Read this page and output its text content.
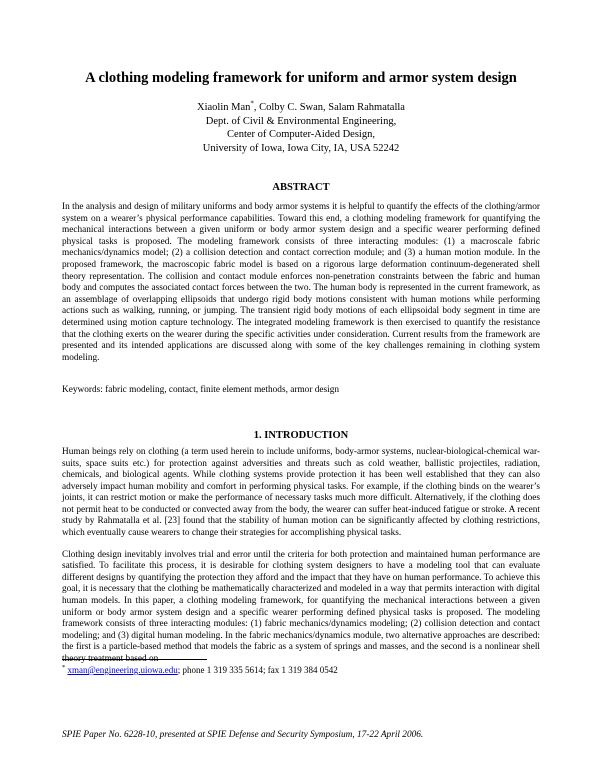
A clothing modeling framework for uniform and armor system design
Xiaolin Man*, Colby C. Swan, Salam Rahmatalla
Dept. of Civil & Environmental Engineering,
Center of Computer-Aided Design,
University of Iowa, Iowa City, IA, USA 52242
ABSTRACT

In the analysis and design of military uniforms and body armor systems it is helpful to quantify the effects of the clothing/armor system on a wearer’s physical performance capabilities. Toward this end, a clothing modeling framework for quantifying the mechanical interactions between a given uniform or body armor system design and a specific wearer performing defined physical tasks is proposed. The modeling framework consists of three interacting modules: (1) a macroscale fabric mechanics/dynamics model; (2) a collision detection and contact correction module; and (3) a human motion module. In the proposed framework, the macroscopic fabric model is based on a rigorous large deformation continuum-degenerated shell theory representation. The collision and contact module enforces non-penetration constraints between the fabric and human body and computes the associated contact forces between the two. The human body is represented in the current framework, as an assemblage of overlapping ellipsoids that undergo rigid body motions consistent with human motions while performing actions such as walking, running, or jumping. The transient rigid body motions of each ellipsoidal body segment in time are determined using motion capture technology. The integrated modeling framework is then exercised to quantify the resistance that the clothing exerts on the wearer during the specific activities under consideration. Current results from the framework are presented and its intended applications are discussed along with some of the key challenges remaining in clothing system modeling.

Keywords: fabric modeling, contact, finite element methods, armor design

1. INTRODUCTION

Human beings rely on clothing (a term used herein to include uniforms, body-armor systems, nuclear-biological-chemical war-suits, space suits etc.) for protection against adversities and threats such as cold weather, ballistic projectiles, radiation, chemicals, and biological agents. While clothing systems provide protection it has been well established that they can also adversely impact human mobility and comfort in performing physical tasks. For example, if the clothing binds on the wearer’s joints, it can restrict motion or make the performance of necessary tasks much more difficult. Alternatively, if the clothing does not permit heat to be conducted or convected away from the body, the wearer can suffer heat-induced fatigue or stroke. A recent study by Rahmatalla et al. [23] found that the stability of human motion can be significantly affected by clothing restrictions, which eventually cause wearers to change their strategies for accomplishing physical tasks.

Clothing design inevitably involves trial and error until the criteria for both protection and maintained human performance are satisfied. To facilitate this process, it is desirable for clothing system designers to have a modeling tool that can evaluate different designs by quantifying the protection they afford and the impact that they have on human performance. To achieve this goal, it is necessary that the clothing be mathematically characterized and modeled in a way that permits interaction with digital human models. In this paper, a clothing modeling framework, for quantifying the mechanical interactions between a given uniform or body armor system design and a specific wearer performing defined physical tasks is proposed. The modeling framework consists of three interacting modules: (1) fabric mechanics/dynamics modeling; (2) collision detection and contact modeling; and (3) digital human modeling. In the fabric mechanics/dynamics module, two alternative approaches are described: the first is a particle-based method that models the fabric as a system of springs and masses, and the second is a nonlinear shell theory treatment based on

* xman@engineering.uiowa.edu; phone 1 319 335 5614; fax 1 319 384 0542
SPIE Paper No. 6228-10, presented at SPIE Defense and Security Symposium, 17-22 April 2006.
